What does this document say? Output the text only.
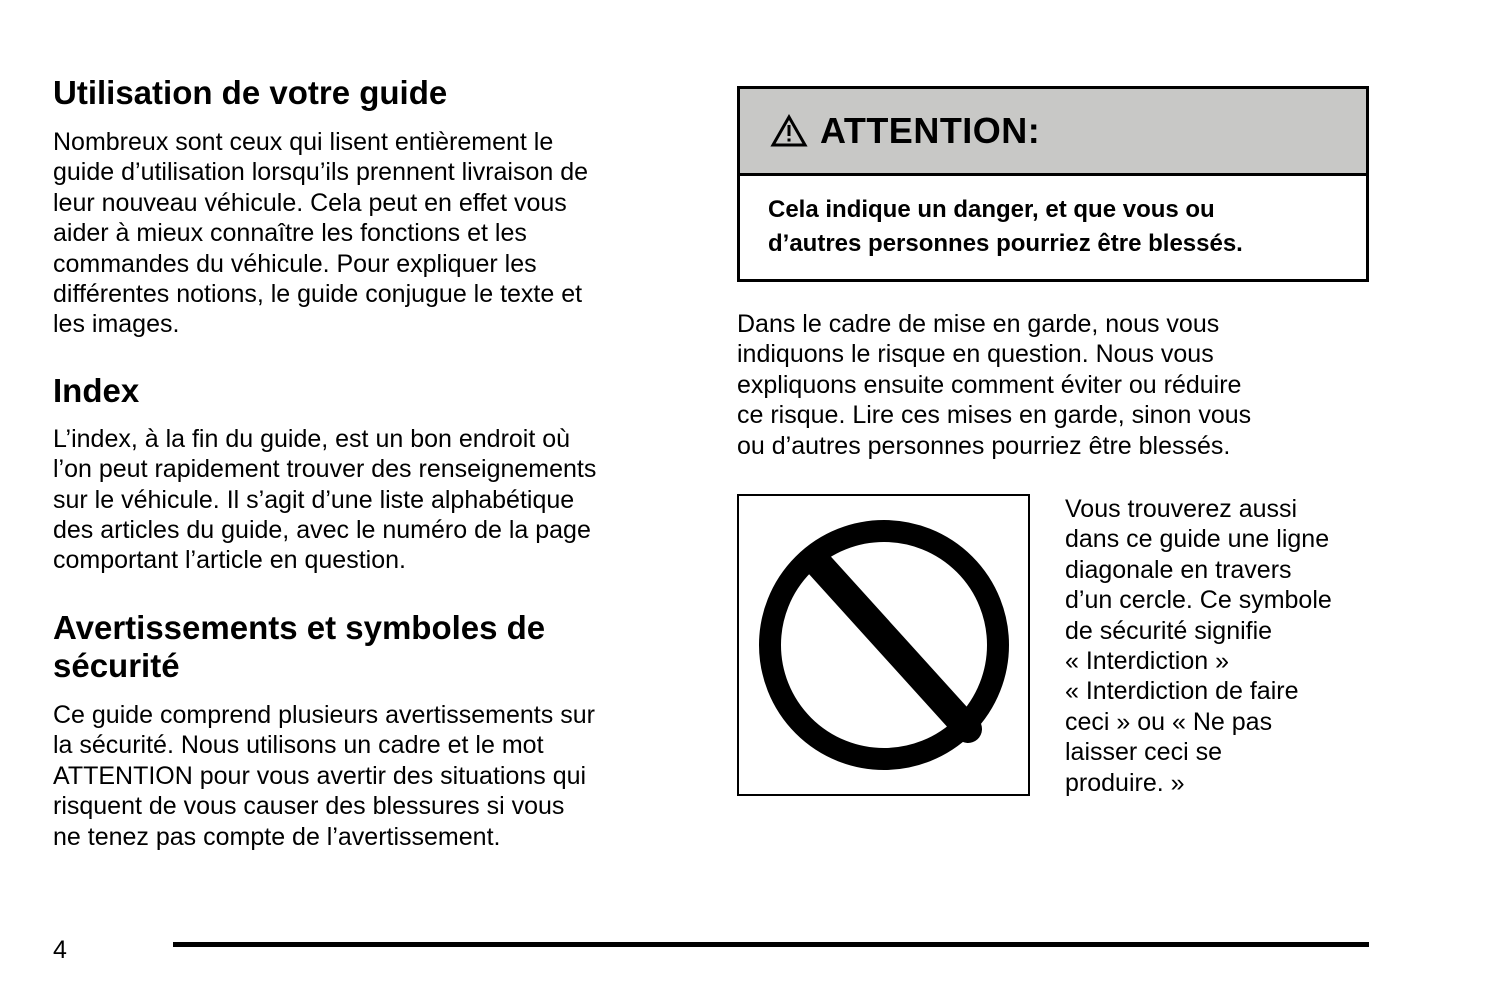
Utilisation de votre guide

Nombreux sont ceux qui lisent entièrement le
guide d’utilisation lorsqu’ils prennent livraison de
leur nouveau véhicule. Cela peut en effet vous
aider à mieux connaître les fonctions et les
commandes du véhicule. Pour expliquer les
différentes notions, le guide conjugue le texte et
les images.

Index

L’index, à la fin du guide, est un bon endroit où
l’on peut rapidement trouver des renseignements
sur le véhicule. Il s’agit d’une liste alphabétique
des articles du guide, avec le numéro de la page
comportant l’article en question.

Avertissements et symboles de
sécurité

Ce guide comprend plusieurs avertissements sur
la sécurité. Nous utilisons un cadre et le mot
ATTENTION pour vous avertir des situations qui
risquent de vous causer des blessures si vous
ne tenez pas compte de l’avertissement.

ATTENTION:
Cela indique un danger, et que vous ou
d’autres personnes pourriez être blessés.

Dans le cadre de mise en garde, nous vous
indiquons le risque en question. Nous vous
expliquons ensuite comment éviter ou réduire
ce risque. Lire ces mises en garde, sinon vous
ou d’autres personnes pourriez être blessés.

Vous trouverez aussi
dans ce guide une ligne
diagonale en travers
d’un cercle. Ce symbole
de sécurité signifie
« Interdiction »
« Interdiction de faire
ceci » ou « Ne pas
laisser ceci se
produire. »

4
